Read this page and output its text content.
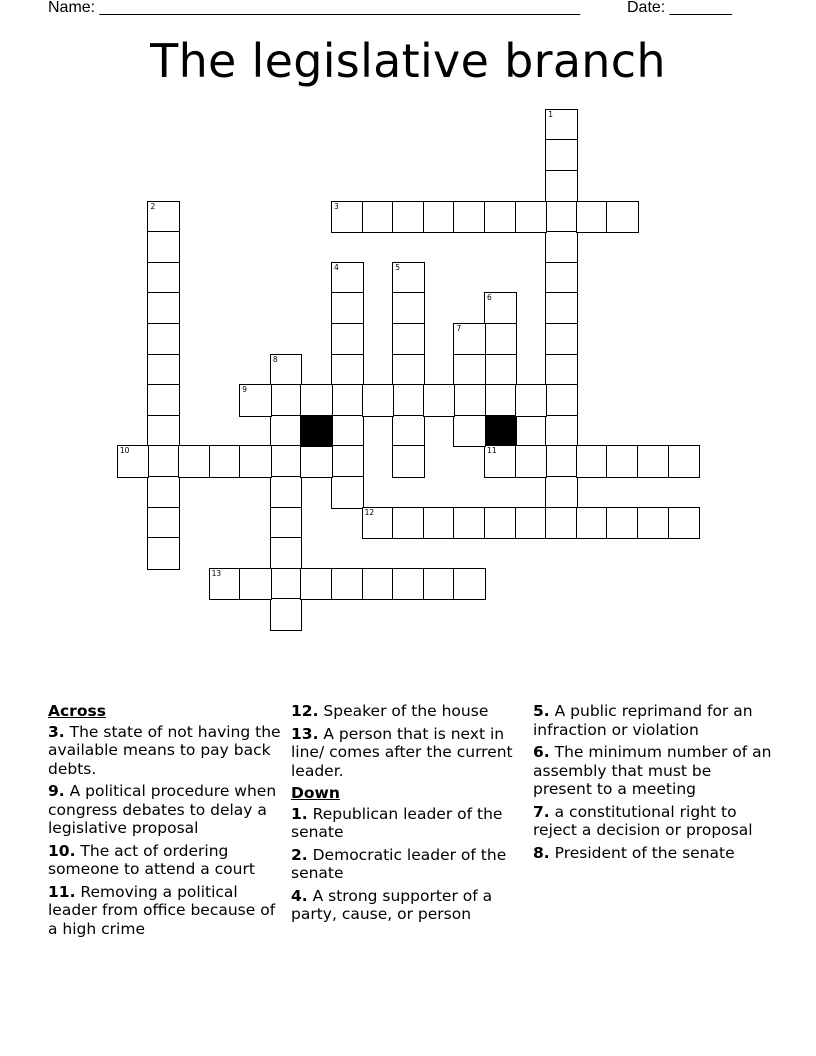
Name: ______________________________________________________	Date: _______
The legislative branch
1
2	3
4	5
6
11
7
8
9
10
12
13
Across
3. The state of not having the available means to pay back debts.
9. A political procedure when congress debates to delay a legislative proposal
10. The act of ordering someone to attend a court
11. Removing a political leader from office because of a high crime
12. Speaker of the house
13. A person that is next in line/ comes after the current leader.
Down
1. Republican leader of the senate
2. Democratic leader of the senate
4. A strong supporter of a party, cause, or person
5. A public reprimand for an infraction or violation
6. The minimum number of an assembly that must be present to a meeting
7. a constitutional right to reject a decision or proposal
8. President of the senate
